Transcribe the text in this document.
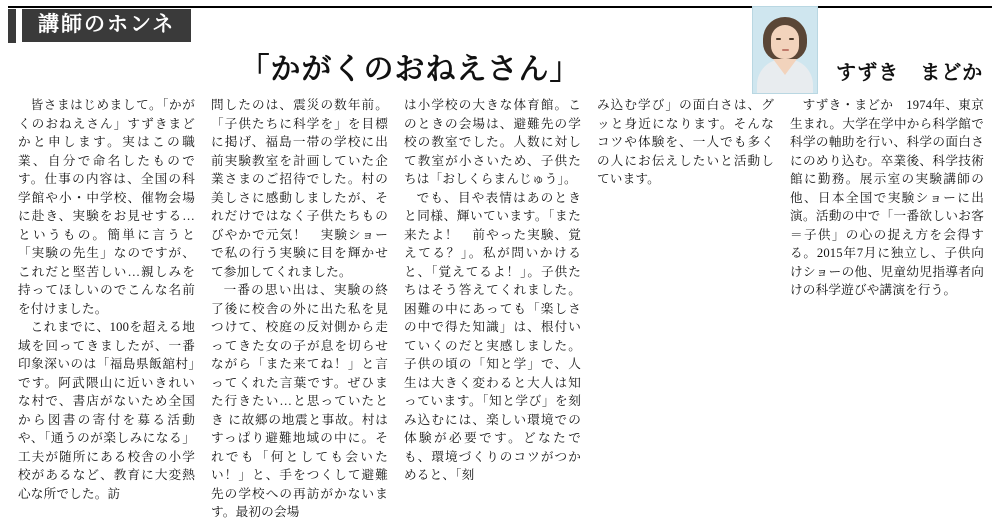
講師のホンネ
「かがくのおねえさん」	すずき　まどか

皆さまはじめまして。「かがくのおねえさん」すずきまどかと申します。実はこの職業、自分で命名したものです。仕事の内容は、全国の科学館や小・中学校、催物会場に赴き、実験をお見せする…というもの。簡単に言うと「実験の先生」なのですが、これだと堅苦しい…親しみを持ってほしいのでこんな名前を付けました。

これまでに、100を超える地域を回ってきましたが、一番印象深いのは「福島県飯舘村」です。阿武隈山に近いきれいな村で、書店がないため全国から図書の寄付を募る活動や、「通うのが楽しみになる」工夫が随所にある校舎の小学校があるなど、教育に大変熱心な所でした。訪

問したのは、震災の数年前。「子供たちに科学を」を目標に掲げ、福島一帯の学校に出前実験教室を計画していた企業さまのご招待でした。村の美しさに感動しましたが、それだけではなく子供たちものびやかで元気！　実験ショーで私の行う実験に目を輝かせて参加してくれました。

一番の思い出は、実験の終了後に校舎の外に出た私を見つけて、校庭の反対側から走ってきた女の子が息を切らせながら「また来てね！」と言ってくれた言葉です。ぜひまた行きたい…と思っていたとき に故郷の地震と事故。村はすっぱり避難地域の中に。それでも「何としても会いたい！」と、手をつくして避難先の学校への再訪がかないます。最初の会場

は小学校の大きな体育館。このときの会場は、避難先の学校の教室でした。人数に対して教室が小さいため、子供たちは「おしくらまんじゅう」。

でも、目や表情はあのときと同様、輝いています。「また来たよ！　前やった実験、覚えてる？」。私が問いかけると、「覚えてるよ！」。子供たちはそう答えてくれました。困難の中にあっても「楽しさの中で得た知識」は、根付いていくのだと実感しました。子供の頃の「知と学」で、人生は大きく変わると大人は知っています。「知と学び」を刻み込むには、楽しい環境での体験が必要です。どなたでも、環境づくりのコツがつかめると、「刻

み込む学び」の面白さは、グッと身近になります。そんなコツや体験を、一人でも多くの人にお伝えしたいと活動しています。

すずき・まどか　1974年、東京生まれ。大学在学中から科学館で科学の軸助を行い、科学の面白さにのめり込む。卒業後、科学技術館に勤務。展示室の実験講師の他、日本全国で実験ショーに出演。活動の中で「一番欲しいお客＝子供」の心の捉え方を会得する。2015年7月に独立し、子供向けショーの他、児童幼児指導者向けの科学遊びや講演を行う。
